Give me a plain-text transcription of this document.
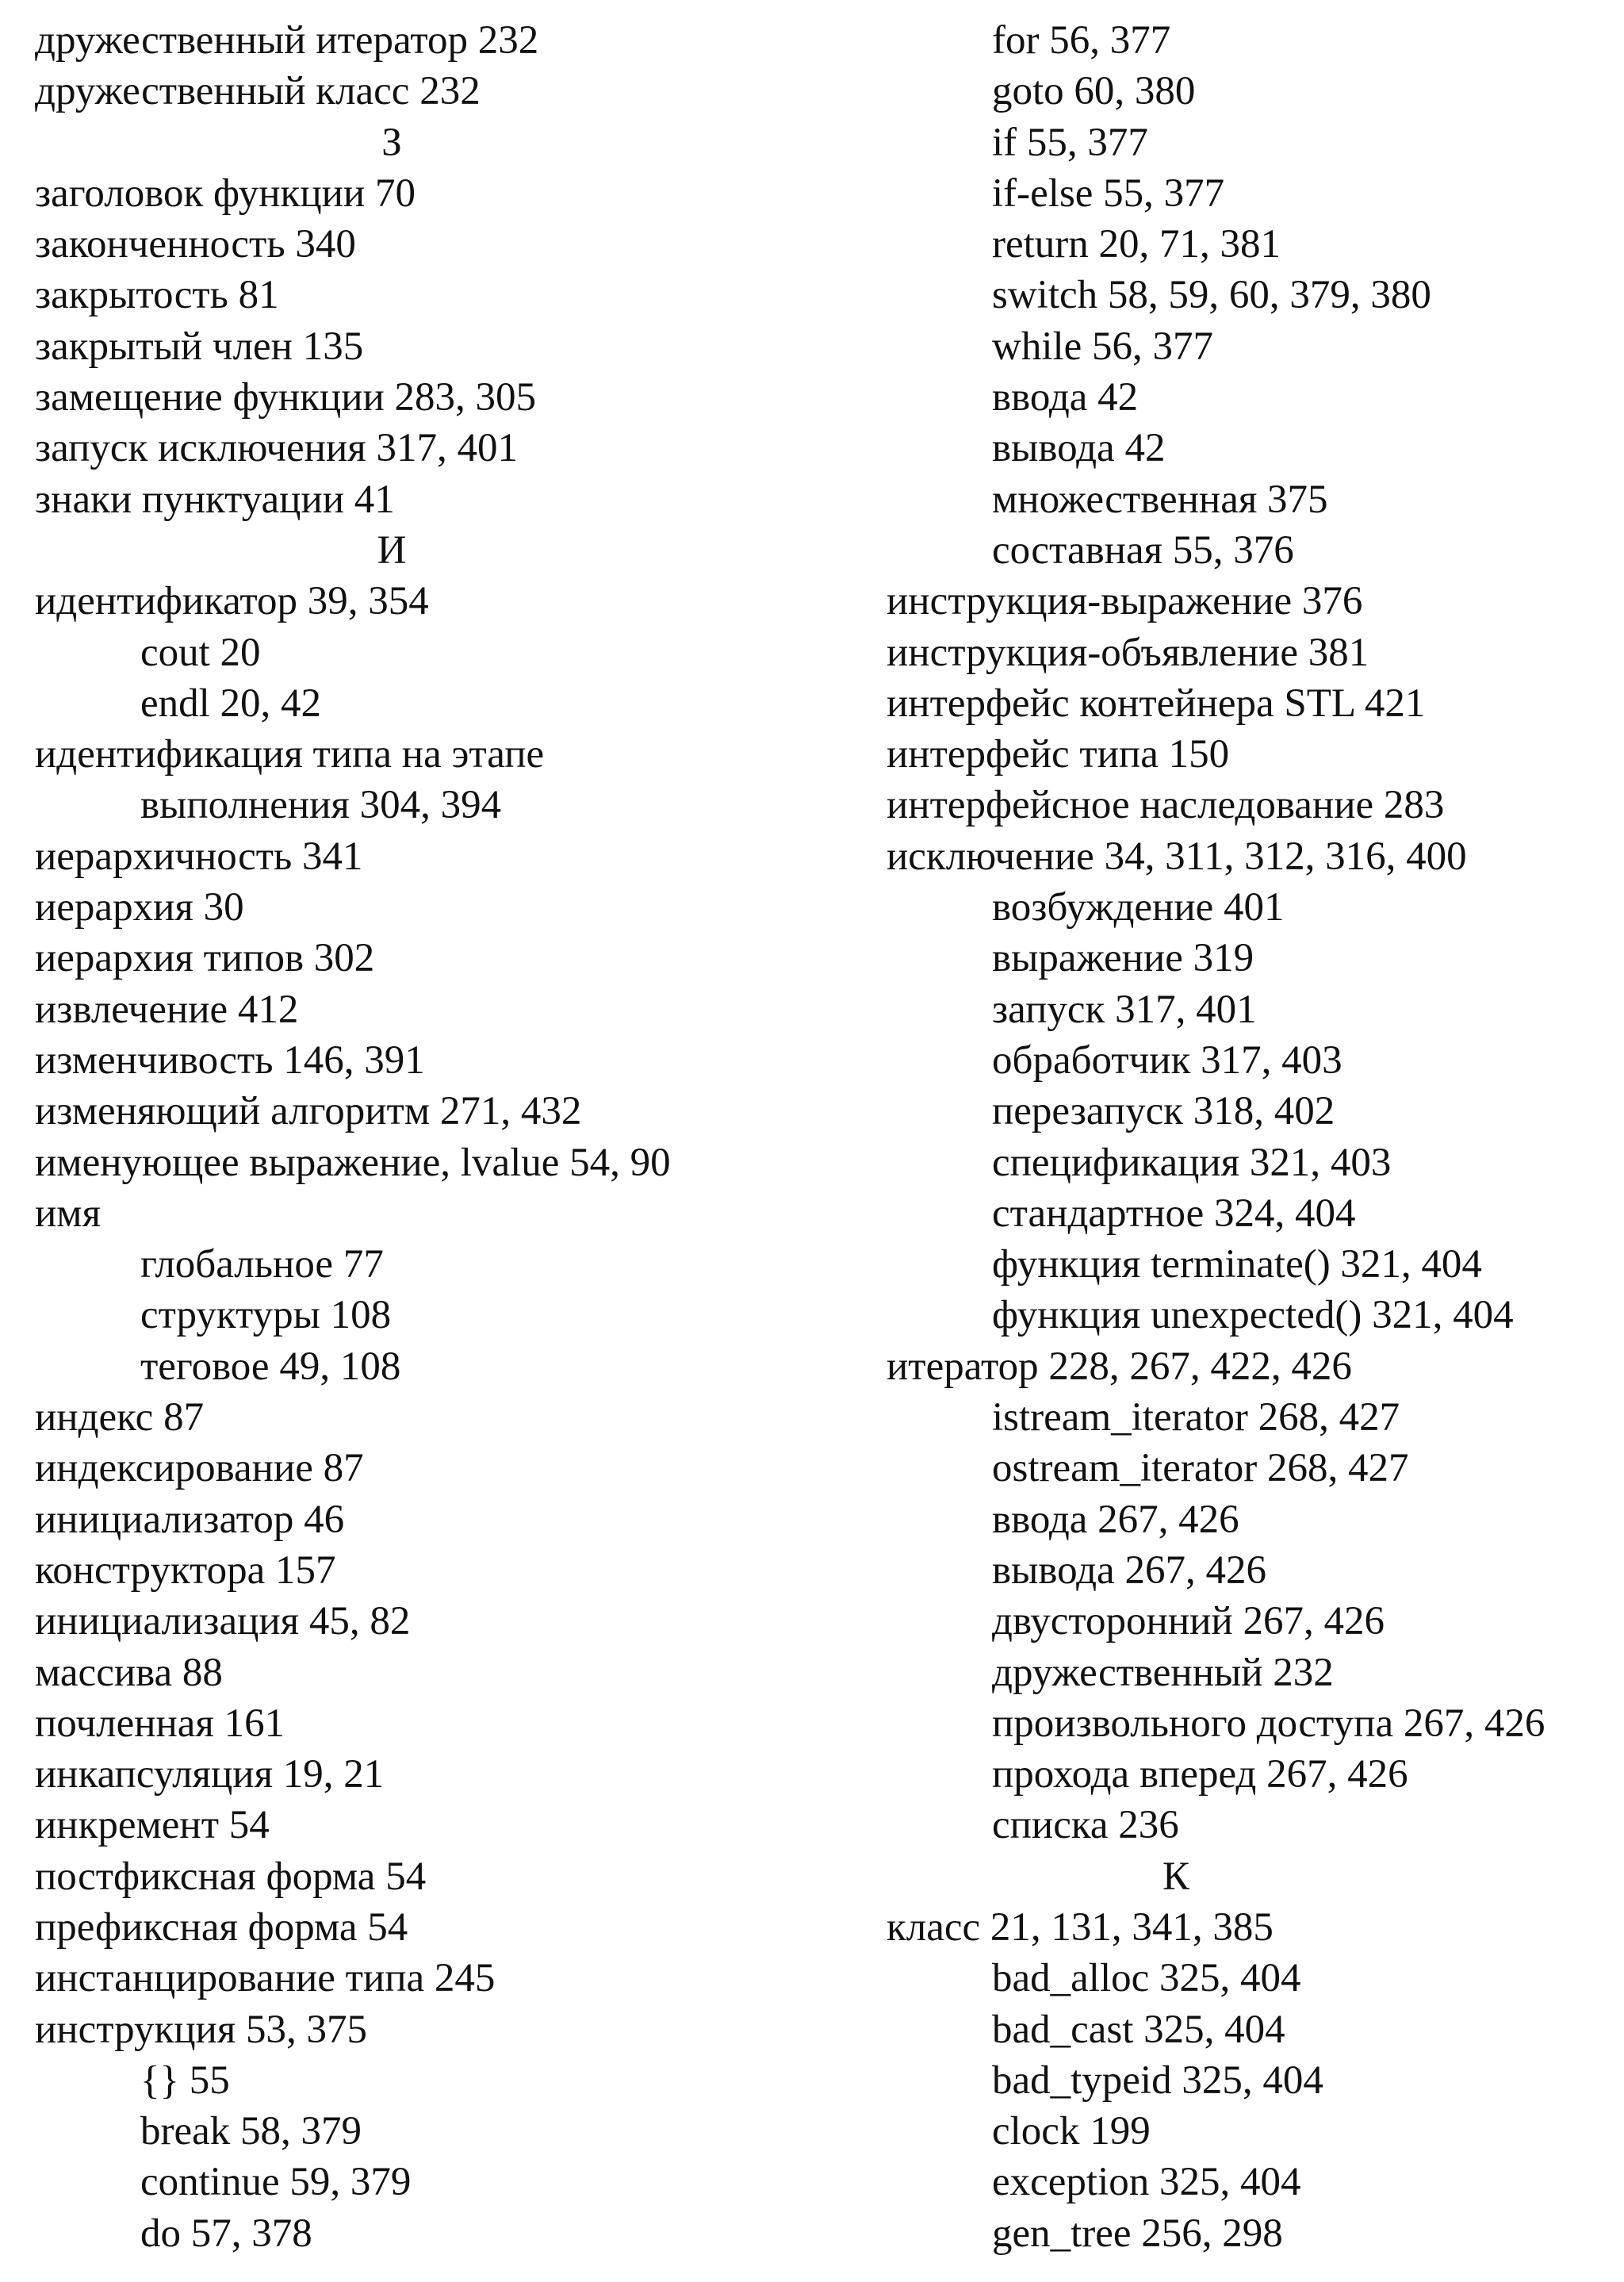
дружественный итератор 232
дружественный класс 232
З
заголовок функции 70
законченность 340
закрытость 81
закрытый член 135
замещение функции 283, 305
запуск исключения 317, 401
знаки пунктуации 41
И
идентификатор 39, 354
cout 20
endl 20, 42
идентификация типа на этапе
выполнения 304, 394
иерархичность 341
иерархия 30
иерархия типов 302
извлечение 412
изменчивость 146, 391
изменяющий алгоритм 271, 432
именующее выражение, lvalue 54, 90
имя
глобальное 77
структуры 108
теговое 49, 108
индекс 87
индексирование 87
инициализатор 46
конструктора 157
инициализация 45, 82
массива 88
почленная 161
инкапсуляция 19, 21
инкремент 54
постфиксная форма 54
префиксная форма 54
инстанцирование типа 245
инструкция 53, 375
{} 55
break 58, 379
continue 59, 379
do 57, 378
for 56, 377
goto 60, 380
if 55, 377
if-else 55, 377
return 20, 71, 381
switch 58, 59, 60, 379, 380
while 56, 377
ввода 42
вывода 42
множественная 375
составная 55, 376
инструкция-выражение 376
инструкция-объявление 381
интерфейс контейнера STL 421
интерфейс типа 150
интерфейсное наследование 283
исключение 34, 311, 312, 316, 400
возбуждение 401
выражение 319
запуск 317, 401
обработчик 317, 403
перезапуск 318, 402
спецификация 321, 403
стандартное 324, 404
функция terminate() 321, 404
функция unexpected() 321, 404
итератор 228, 267, 422, 426
istream_iterator 268, 427
ostream_iterator 268, 427
ввода 267, 426
вывода 267, 426
двусторонний 267, 426
дружественный 232
произвольного доступа 267, 426
прохода вперед 267, 426
списка 236
К
класс 21, 131, 341, 385
bad_alloc 325, 404
bad_cast 325, 404
bad_typeid 325, 404
clock 199
exception 325, 404
gen_tree 256, 298
